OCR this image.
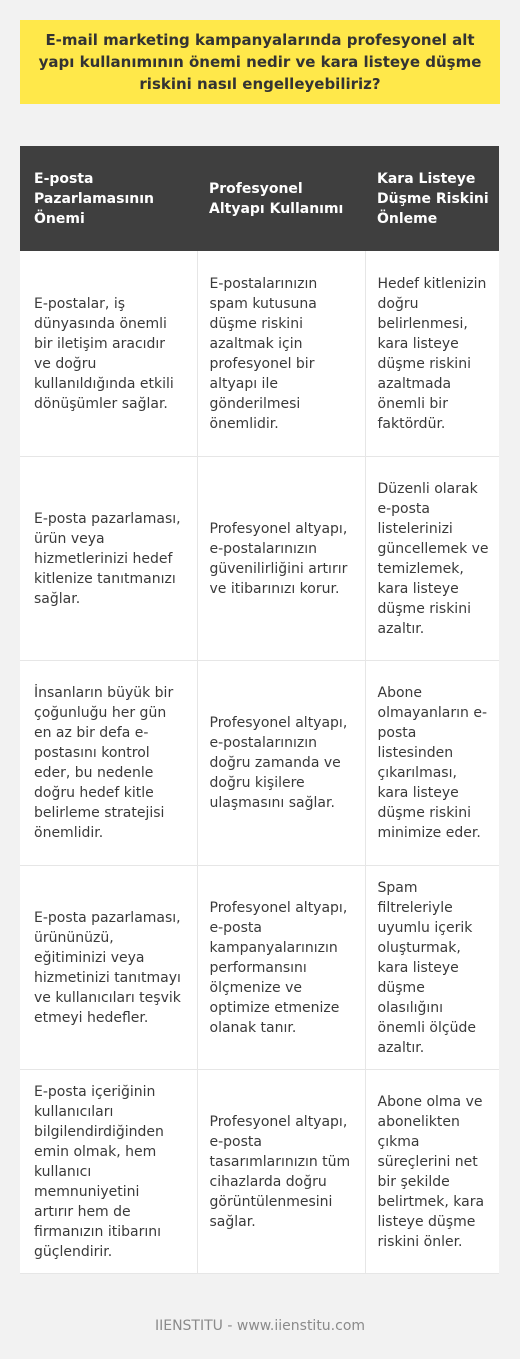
E-mail marketing kampanyalarında profesyonel alt yapı kullanımının önemi nedir ve kara listeye düşme riskini nasıl engelleyebiliriz?
E-posta Pazarlamasının Önemi	Profesyonel Altyapı Kullanımı	Kara Listeye Düşme Riskini Önleme
E-postalar, iş dünyasında önemli bir iletişim aracıdır ve doğru kullanıldığında etkili dönüşümler sağlar.	E-postalarınızın spam kutusuna düşme riskini azaltmak için profesyonel bir altyapı ile gönderilmesi önemlidir.	Hedef kitlenizin doğru belirlenmesi, kara listeye düşme riskini azaltmada önemli bir faktördür.
E-posta pazarlaması, ürün veya hizmetlerinizi hedef kitlenize tanıtmanızı sağlar.	Profesyonel altyapı, e-postalarınızın güvenilirliğini artırır ve itibarınızı korur.	Düzenli olarak e-posta listelerinizi güncellemek ve temizlemek, kara listeye düşme riskini azaltır.
İnsanların büyük bir çoğunluğu her gün en az bir defa e-postasını kontrol eder, bu nedenle doğru hedef kitle belirleme stratejisi önemlidir.	Profesyonel altyapı, e-postalarınızın doğru zamanda ve doğru kişilere ulaşmasını sağlar.	Abone olmayanların e-posta listesinden çıkarılması, kara listeye düşme riskini minimize eder.
E-posta pazarlaması, ürününüzü, eğitiminizi veya hizmetinizi tanıtmayı ve kullanıcıları teşvik etmeyi hedefler.	Profesyonel altyapı, e-posta kampanyalarınızın performansını ölçmenize ve optimize etmenize olanak tanır.	Spam filtreleriyle uyumlu içerik oluşturmak, kara listeye düşme olasılığını önemli ölçüde azaltır.
E-posta içeriğinin kullanıcıları bilgilendirdiğinden emin olmak, hem kullanıcı memnuniyetini artırır hem de firmanızın itibarını güçlendirir.	Profesyonel altyapı, e-posta tasarımlarınızın tüm cihazlarda doğru görüntülenmesini sağlar.	Abone olma ve abonelikten çıkma süreçlerini net bir şekilde belirtmek, kara listeye düşme riskini önler.
IIENSTITU - www.iienstitu.com
